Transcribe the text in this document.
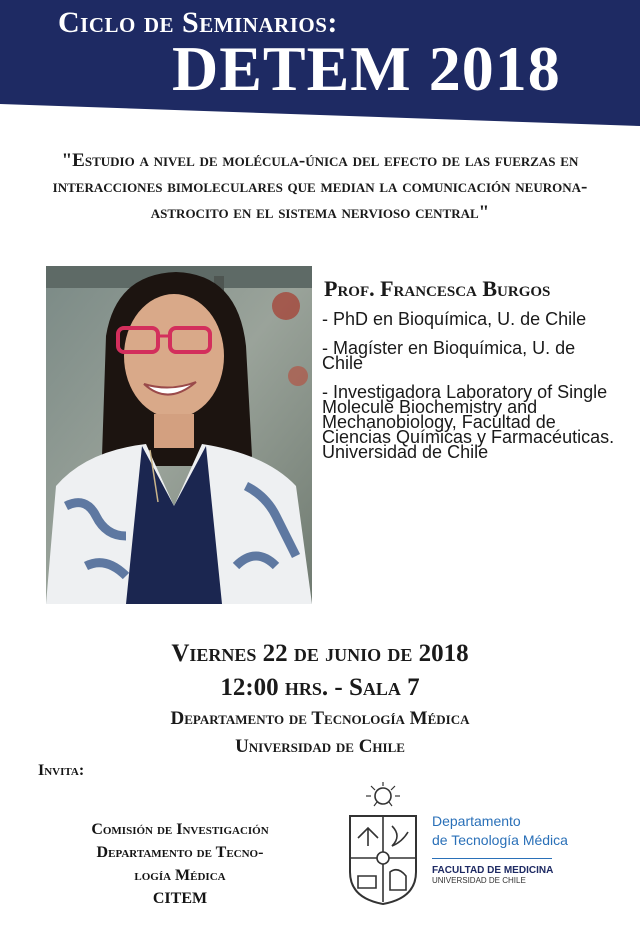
Ciclo de Seminarios:
DETEM 2018
"Estudio a nivel de molécula-única del efecto de las fuerzas en interacciones bimoleculares que median la comunicación neurona-astrocito en el sistema nervioso central"
Prof. Francesca Burgos
- PhD en Bioquímica, U. de Chile
- Magíster en Bioquímica, U. de Chile
- Investigadora Laboratory of Single Molecule Biochemistry and Mechanobiology, Facultad de Ciencias Químicas y Farmacéuticas. Universidad de Chile
Viernes 22 de junio de 2018
12:00 hrs. - Sala 7
Departamento de Tecnología Médica
Universidad de Chile
Invita:
Comisión de Investigación
Departamento de Tecno-
logía Médica
CITEM
Departamento
de Tecnología Médica
FACULTAD DE MEDICINA
UNIVERSIDAD DE CHILE
